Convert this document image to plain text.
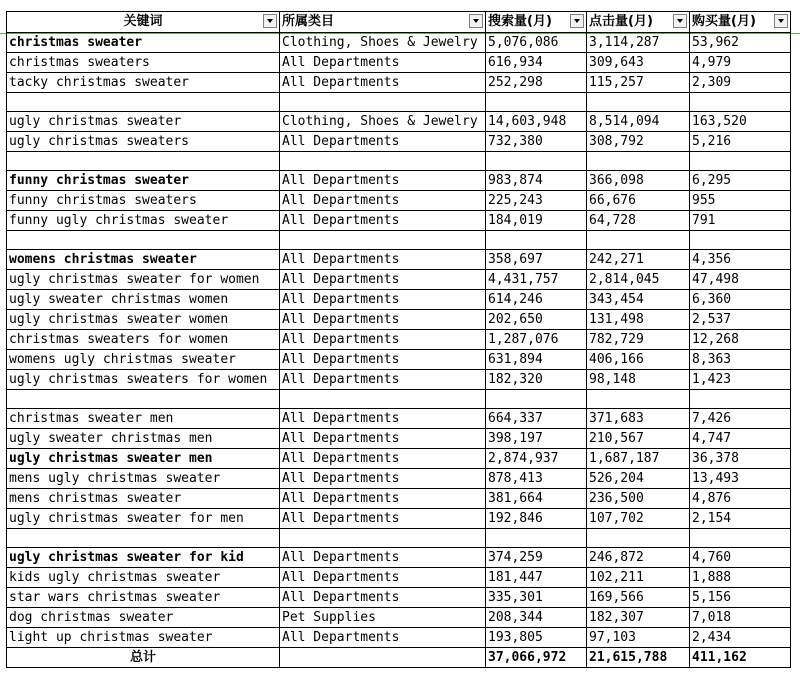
关键词	所属类目	搜索量(月)	点击量(月)	购买量(月)

christmas sweater	Clothing, Shoes & Jewelry	5,076,086	3,114,287	53,962
christmas sweaters	All Departments	616,934	309,643	4,979
tacky christmas sweater	All Departments	252,298	115,257	2,309

ugly christmas sweater	Clothing, Shoes & Jewelry	14,603,948	8,514,094	163,520
ugly christmas sweaters	All Departments	732,380	308,792	5,216

funny christmas sweater	All Departments	983,874	366,098	6,295
funny christmas sweaters	All Departments	225,243	66,676	955
funny ugly christmas sweater	All Departments	184,019	64,728	791

womens christmas sweater	All Departments	358,697	242,271	4,356
ugly christmas sweater for women	All Departments	4,431,757	2,814,045	47,498
ugly sweater christmas women	All Departments	614,246	343,454	6,360
ugly christmas sweater women	All Departments	202,650	131,498	2,537
christmas sweaters for women	All Departments	1,287,076	782,729	12,268
womens ugly christmas sweater	All Departments	631,894	406,166	8,363
ugly christmas sweaters for women	All Departments	182,320	98,148	1,423

christmas sweater men	All Departments	664,337	371,683	7,426
ugly sweater christmas men	All Departments	398,197	210,567	4,747
ugly christmas sweater men	All Departments	2,874,937	1,687,187	36,378
mens ugly christmas sweater	All Departments	878,413	526,204	13,493
mens christmas sweater	All Departments	381,664	236,500	4,876
ugly christmas sweater for men	All Departments	192,846	107,702	2,154

ugly christmas sweater for kid	All Departments	374,259	246,872	4,760
kids ugly christmas sweater	All Departments	181,447	102,211	1,888
star wars christmas sweater	All Departments	335,301	169,566	5,156
dog christmas sweater	Pet Supplies	208,344	182,307	7,018
light up christmas sweater	All Departments	193,805	97,103	2,434
总计		37,066,972	21,615,788	411,162
